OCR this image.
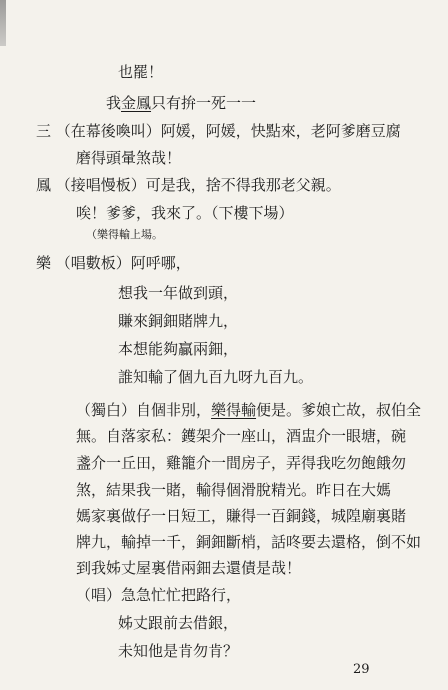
也罷！
我金鳳只有拚一死一一
三 （在幕後喚叫）阿媛，阿媛，快點來，老阿爹磨豆腐
磨得頭暈煞哉！
鳳 （接唱慢板）可是我，捨不得我那老父親。
唉！爹爹，我來了。（下樓下場）
（樂得輸上場。
樂 （唱數板）阿呼哪，
想我一年做到頭，
賺來銅鈿賭牌九，
本想能夠贏兩鈿，
誰知輸了個九百九呀九百九。
（獨白）自個非別，樂得輸便是。爹娘亡故，叔伯全
無。自落家私：鑊架介一座山，酒盅介一眼塘，碗
盞介一丘田，雞籠介一間房子，弄得我吃勿飽餓勿
煞，結果我一賭，輸得個滑脫精光。昨日在大媽
媽家裏做仔一日短工，賺得一百銅錢，城隍廟裏賭
牌九，輸掉一千，銅鈿斷梢，話咚要去還格，倒不如
到我姊丈屋裏借兩鈿去還債是哉！
（唱）急急忙忙把路行，
姊丈跟前去借銀，
未知他是肯勿肯？
29
